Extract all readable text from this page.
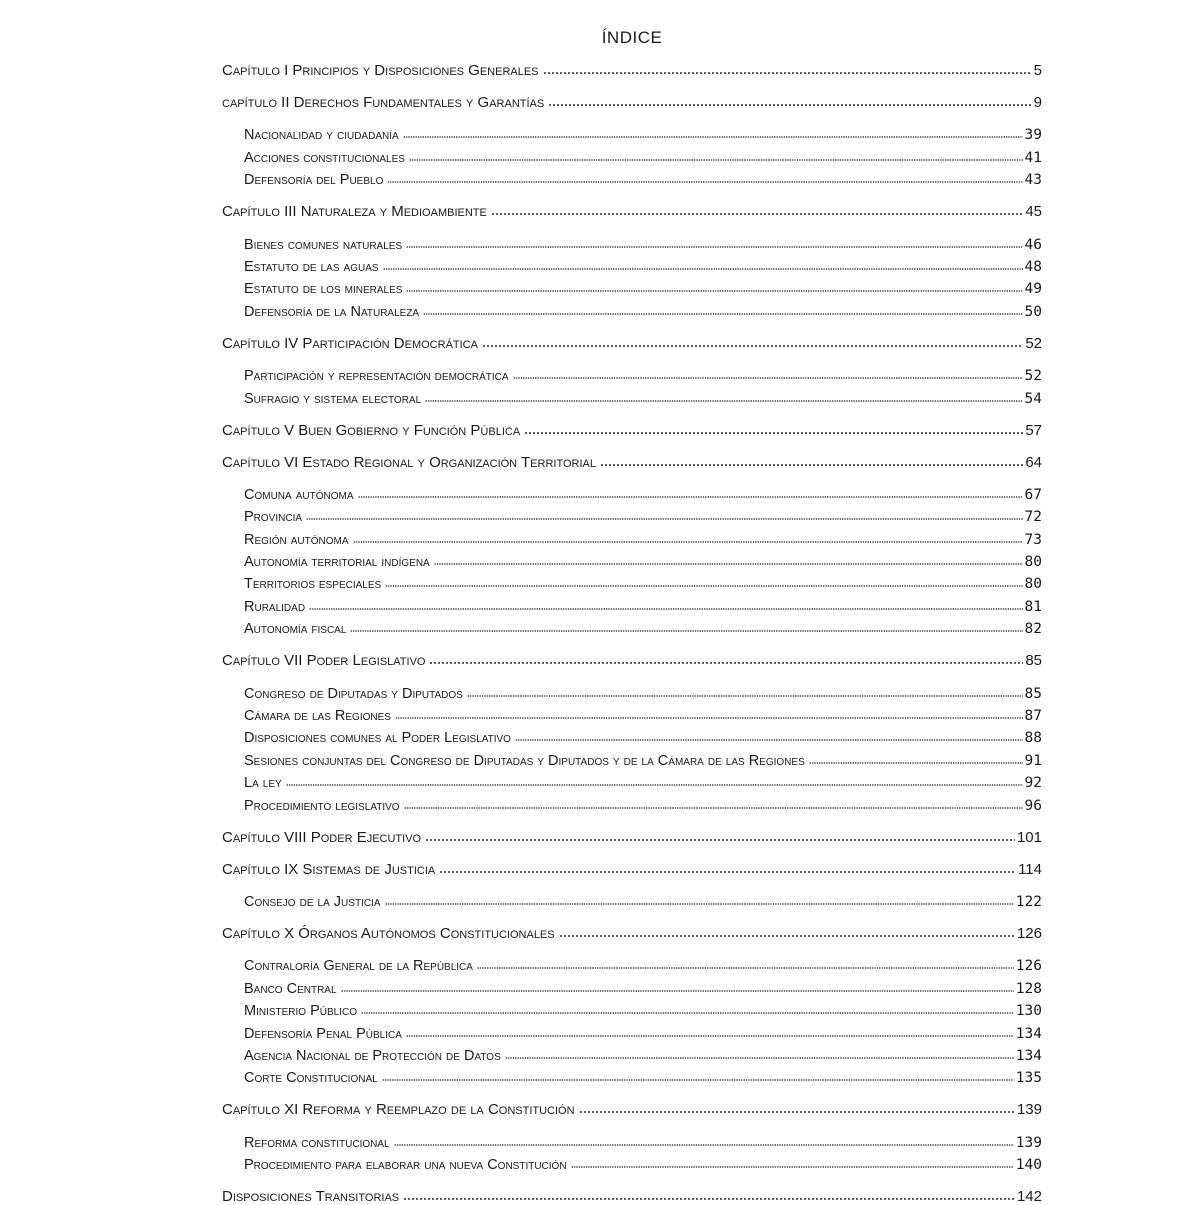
ÍNDICE
Capítulo I Principios y Disposiciones Generales	5
capítulo II Derechos Fundamentales y Garantías	9
Nacionalidad y ciudadanía	39
Acciones constitucionales	41
Defensoría del Pueblo	43
Capítulo III Naturaleza y Medioambiente	45
Bienes comunes naturales	46
Estatuto de las aguas	48
Estatuto de los minerales	49
Defensoría de la Naturaleza	50
Capítulo IV Participación Democrática	52
Participación y representación democrática	52
Sufragio y sistema electoral	54
Capítulo V Buen Gobierno y Función Pública	57
Capítulo VI Estado Regional y Organización Territorial	64
Comuna autónoma	67
Provincia	72
Región autónoma	73
Autonomía territorial indígena	80
Territorios especiales	80
Ruralidad	81
Autonomía fiscal	82
Capítulo VII Poder Legislativo	85
Congreso de Diputadas y Diputados	85
Cámara de las Regiones	87
Disposiciones comunes al Poder Legislativo	88
Sesiones conjuntas del Congreso de Diputadas y Diputados y de la Cámara de las Regiones	91
La ley	92
Procedimiento legislativo	96
Capítulo VIII Poder Ejecutivo	101
Capítulo IX Sistemas de Justicia	114
Consejo de la Justicia	122
Capítulo X Órganos Autónomos Constitucionales	126
Contraloría General de la República	126
Banco Central	128
Ministerio Público	130
Defensoría Penal Pública	134
Agencia Nacional de Protección de Datos	134
Corte Constitucional	135
Capítulo XI Reforma y Reemplazo de la Constitución	139
Reforma constitucional	139
Procedimiento para elaborar una nueva Constitución	140
Disposiciones Transitorias	142
